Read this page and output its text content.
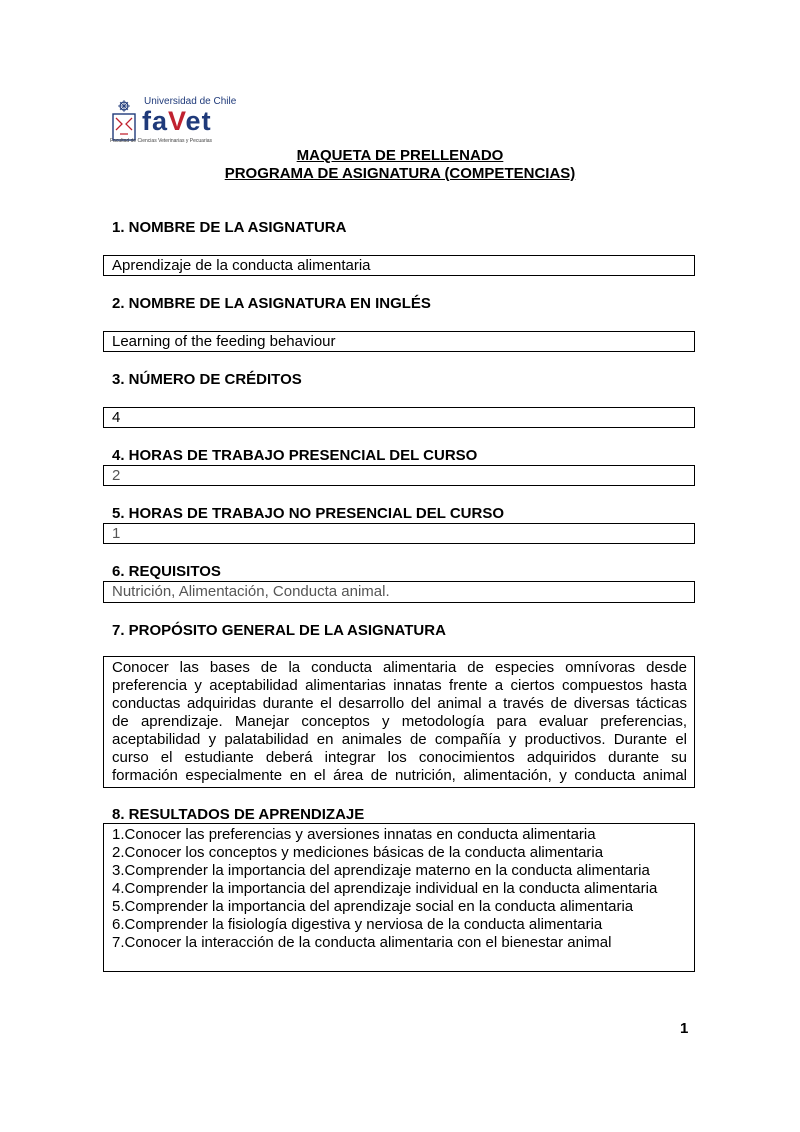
Universidad de Chile
faVet
Facultad de Ciencias Veterinarias y Pecuarias
MAQUETA DE PRELLENADO
PROGRAMA DE ASIGNATURA (COMPETENCIAS)
1. NOMBRE DE LA ASIGNATURA
Aprendizaje de la conducta alimentaria
2. NOMBRE DE LA ASIGNATURA EN INGLÉS
Learning of the feeding behaviour
3. NÚMERO DE CRÉDITOS
4
4. HORAS DE TRABAJO PRESENCIAL DEL CURSO
2
5. HORAS DE TRABAJO NO PRESENCIAL DEL CURSO
1
6. REQUISITOS
Nutrición, Alimentación, Conducta animal.
7. PROPÓSITO GENERAL DE LA ASIGNATURA
Conocer las bases de la conducta alimentaria de especies omnívoras desde
preferencia y aceptabilidad alimentarias innatas frente a ciertos compuestos hasta
conductas adquiridas durante el desarrollo del animal a través de diversas tácticas
de aprendizaje. Manejar conceptos y metodología para evaluar preferencias,
aceptabilidad y palatabilidad en animales de compañía y productivos. Durante el
curso el estudiante deberá integrar los conocimientos adquiridos durante su
formación especialmente en el área de nutrición, alimentación, y conducta animal
8. RESULTADOS DE APRENDIZAJE
1.Conocer las preferencias y aversiones innatas en conducta alimentaria
2.Conocer los conceptos y mediciones básicas de la conducta alimentaria
3.Comprender la importancia del aprendizaje materno en la conducta alimentaria
4.Comprender la importancia del aprendizaje individual en la conducta alimentaria
5.Comprender la importancia del aprendizaje social en la conducta alimentaria
6.Comprender la fisiología digestiva y nerviosa de la conducta alimentaria
7.Conocer la interacción de la conducta alimentaria con el bienestar animal
1
